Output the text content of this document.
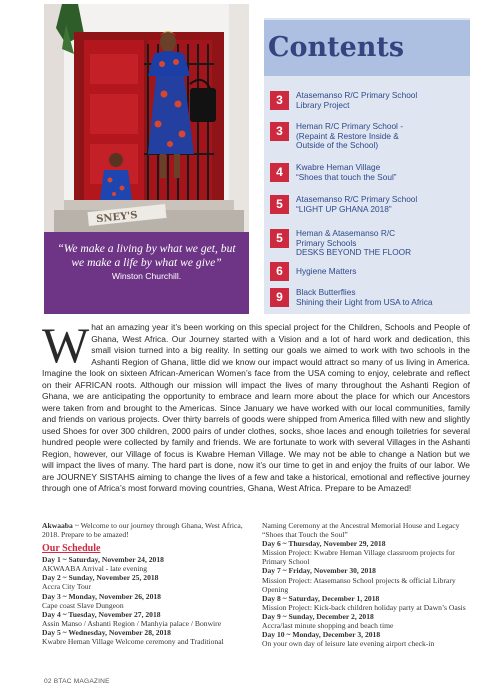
SNEY'S
“We make a living by what we get, but we make a life by what we give”
Winston Churchill.
Contents
3	Atasemanso R/C Primary School
Library Project
3	Heman R/C Primary School -
(Repaint & Restore Inside &
Outside of the School)
4	Kwabre Heman Village
“Shoes that touch the Soul”
5	Atasemanso R/C Primary School
“LIGHT UP GHANA 2018”
5	Heman & Atasemanso R/C
Primary Schools
DESKS BEYOND THE FLOOR
6	Hygiene Matters
9	Black Butterflies
Shining their Light from USA to Africa

What an amazing year it’s been working on this special project for the Children, Schools and People of Ghana, West Africa. Our Journey started with a Vision and a lot of hard work and dedication, this small vision turned into a big reality. In setting our goals we aimed to work with two schools in the Ashanti Region of Ghana, little did we know our impact would attract so many of us living in America. Imagine the look on sixteen African-American Women’s face from the USA coming to enjoy, celebrate and reflect on their AFRICAN roots. Although our mission will impact the lives of many throughout the Ashanti Region of Ghana, we are anticipating the opportunity to embrace and learn more about the place for which our Ancestors were taken from and brought to the Americas. Since January we have worked with our local communities, family and friends on various projects. Over thirty barrels of goods were shipped from America filled with new and slightly used Shoes for over 300 children, 2000 pairs of under clothes, socks, shoe laces and enough toiletries for several hundred people were collected by family and friends. We are fortunate to work with several Villages in the Ashanti Region, however, our Village of focus is Kwabre Heman Village. We may not be able to change a Nation but we will impact the lives of many. The hard part is done, now it’s our time to get in and enjoy the fruits of our labor. We are JOURNEY SISTAHS aiming to change the lives of a few and take a historical, emotional and reflective journey through one of Africa’s most forward moving countries, Ghana, West Africa. Prepare to be Amazed!

Akwaaba ~ Welcome to our journey through Ghana, West Africa, 2018. Prepare to be amazed!
Our Schedule
Day 1 ~ Saturday, November 24, 2018
AKWAABA Arrival - late evening
Day 2 ~ Sunday, November 25, 2018
Accra City Tour
Day 3 ~ Monday, November 26, 2018
Cape coast Slave Dungeon
Day 4 ~ Tuesday, November 27, 2018
Assin Manso / Ashanti Region / Manhyia palace / Bonwire
Day 5 ~ Wednesday, November 28, 2018
Kwabre Heman Village Welcome ceremony and Traditional
Naming Ceremony at the Ancestral Memorial House and Legacy “Shoes that Touch the Soul”
Day 6 ~ Thursday, November 29, 2018
Mission Project: Kwabre Heman Village classroom projects for Primary School
Day 7 ~ Friday, November 30, 2018
Mission Project: Atasemanso School projects & official Library Opening
Day 8 ~ Saturday, December 1, 2018
Mission Project: Kick-back children holiday party at Dawn’s Oasis
Day 9 ~ Sunday, December 2, 2018
Accra/last minute shopping and beach time
Day 10 ~ Monday, December 3, 2018
On your own day of leisure late evening airport check-in
02 BTAC MAGAZINE
